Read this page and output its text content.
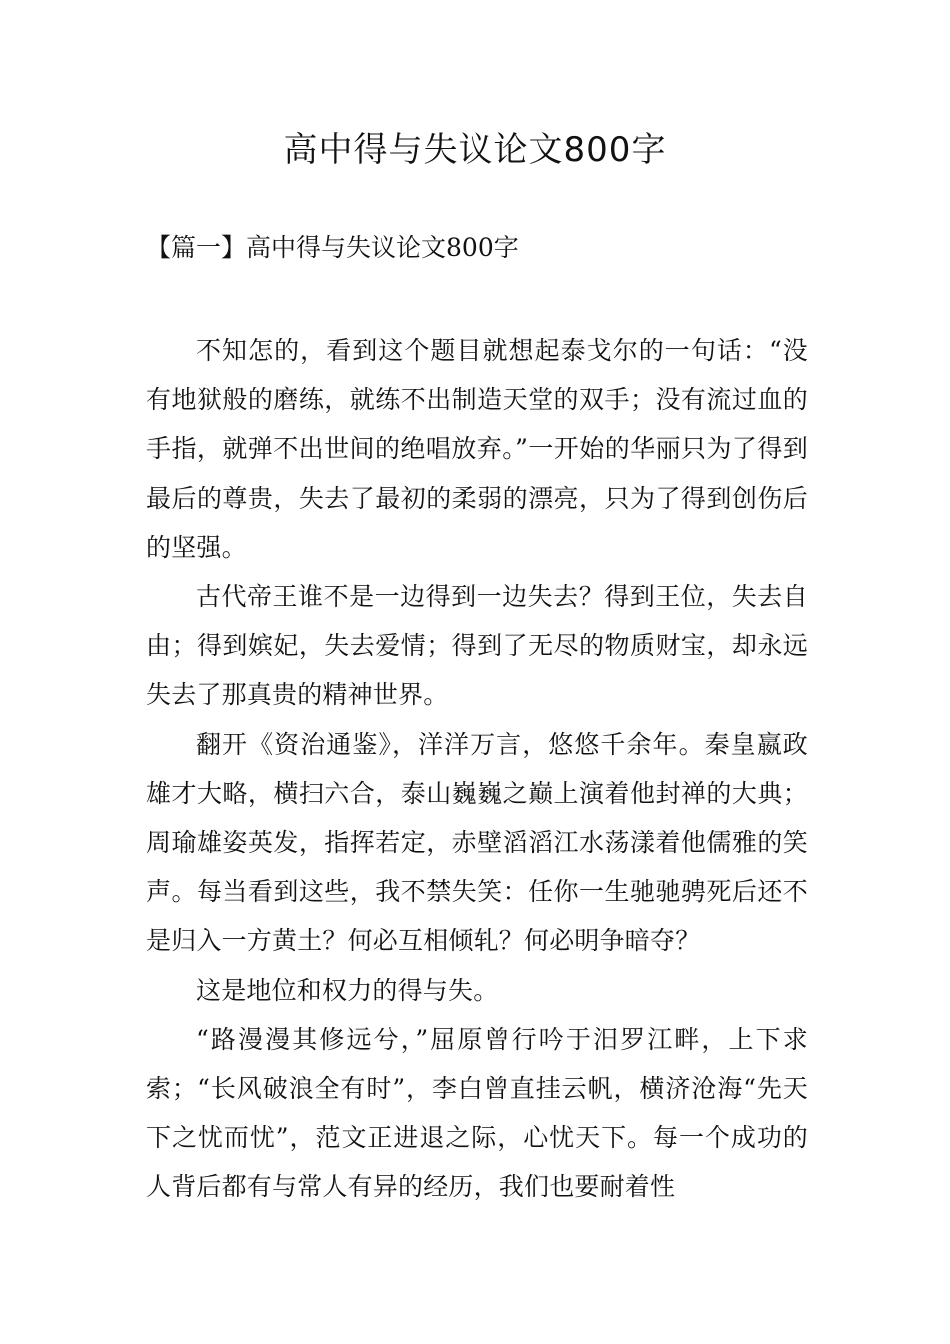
高中得与失议论文800字
【篇一】高中得与失议论文800字

不知怎的，看到这个题目就想起泰戈尔的一句话：“没有地狱般的磨练，就练不出制造天堂的双手；没有流过血的手指，就弹不出世间的绝唱放弃。”一开始的华丽只为了得到最后的尊贵，失去了最初的柔弱的漂亮，只为了得到创伤后的坚强。

古代帝王谁不是一边得到一边失去？得到王位，失去自由；得到嫔妃，失去爱情；得到了无尽的物质财宝，却永远失去了那真贵的精神世界。

翻开《资治通鉴》，洋洋万言，悠悠千余年。秦皇嬴政雄才大略，横扫六合，泰山巍巍之巅上演着他封禅的大典；周瑜雄姿英发，指挥若定，赤壁滔滔江水荡漾着他儒雅的笑声。每当看到这些，我不禁失笑：任你一生驰驰骋死后还不是归入一方黄土？何必互相倾轧？何必明争暗夺？

这是地位和权力的得与失。

“路漫漫其修远兮，”屈原曾行吟于汨罗江畔，上下求索；“长风破浪全有时”，李白曾直挂云帆，横济沧海“先天下之忧而忧”，范文正进退之际，心忧天下。每一个成功的人背后都有与常人有异的经历，我们也要耐着性
